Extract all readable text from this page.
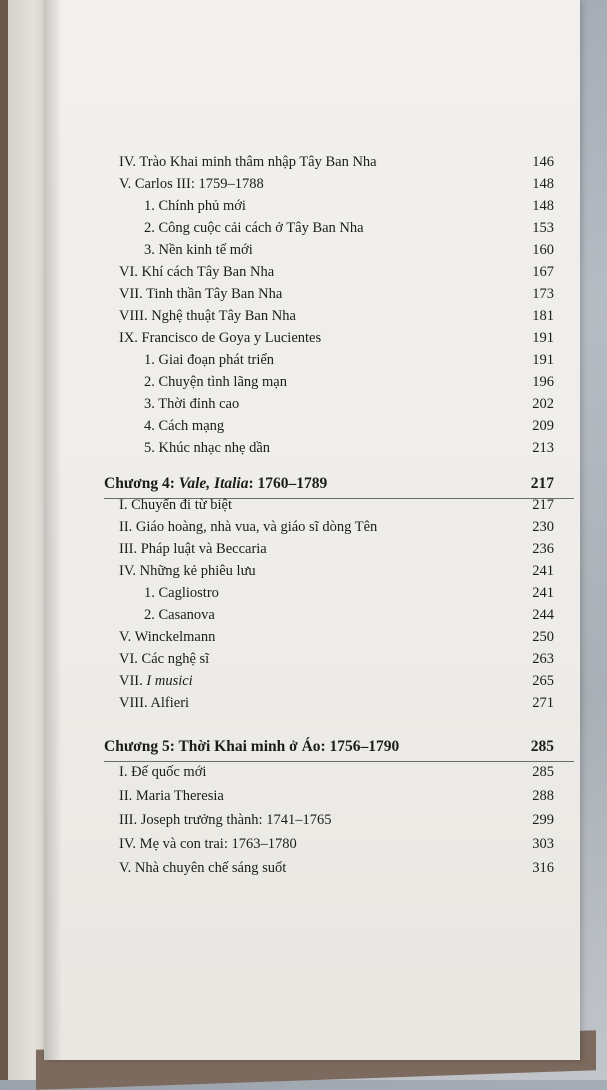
IV. Trào Khai minh thâm nhập Tây Ban Nha	146
V. Carlos III: 1759–1788	148
1. Chính phủ mới	148
2. Công cuộc cải cách ở Tây Ban Nha	153
3. Nền kinh tế mới	160
VI. Khí cách Tây Ban Nha	167
VII. Tinh thần Tây Ban Nha	173
VIII. Nghệ thuật Tây Ban Nha	181
IX. Francisco de Goya y Lucientes	191
1. Giai đoạn phát triển	191
2. Chuyện tình lãng mạn	196
3. Thời đỉnh cao	202
4. Cách mạng	209
5. Khúc nhạc nhẹ dần	213
Chương 4: Vale, Italia: 1760–1789	217
I. Chuyến đi từ biệt	217
II. Giáo hoàng, nhà vua, và giáo sĩ dòng Tên	230
III. Pháp luật và Beccaria	236
IV. Những kẻ phiêu lưu	241
1. Cagliostro	241
2. Casanova	244
V. Winckelmann	250
VI. Các nghệ sĩ	263
VII. I musici	265
VIII. Alfieri	271
Chương 5: Thời Khai minh ở Áo: 1756–1790	285
I. Đế quốc mới	285
II. Maria Theresia	288
III. Joseph trưởng thành: 1741–1765	299
IV. Mẹ và con trai: 1763–1780	303
V. Nhà chuyên chế sáng suốt	316
